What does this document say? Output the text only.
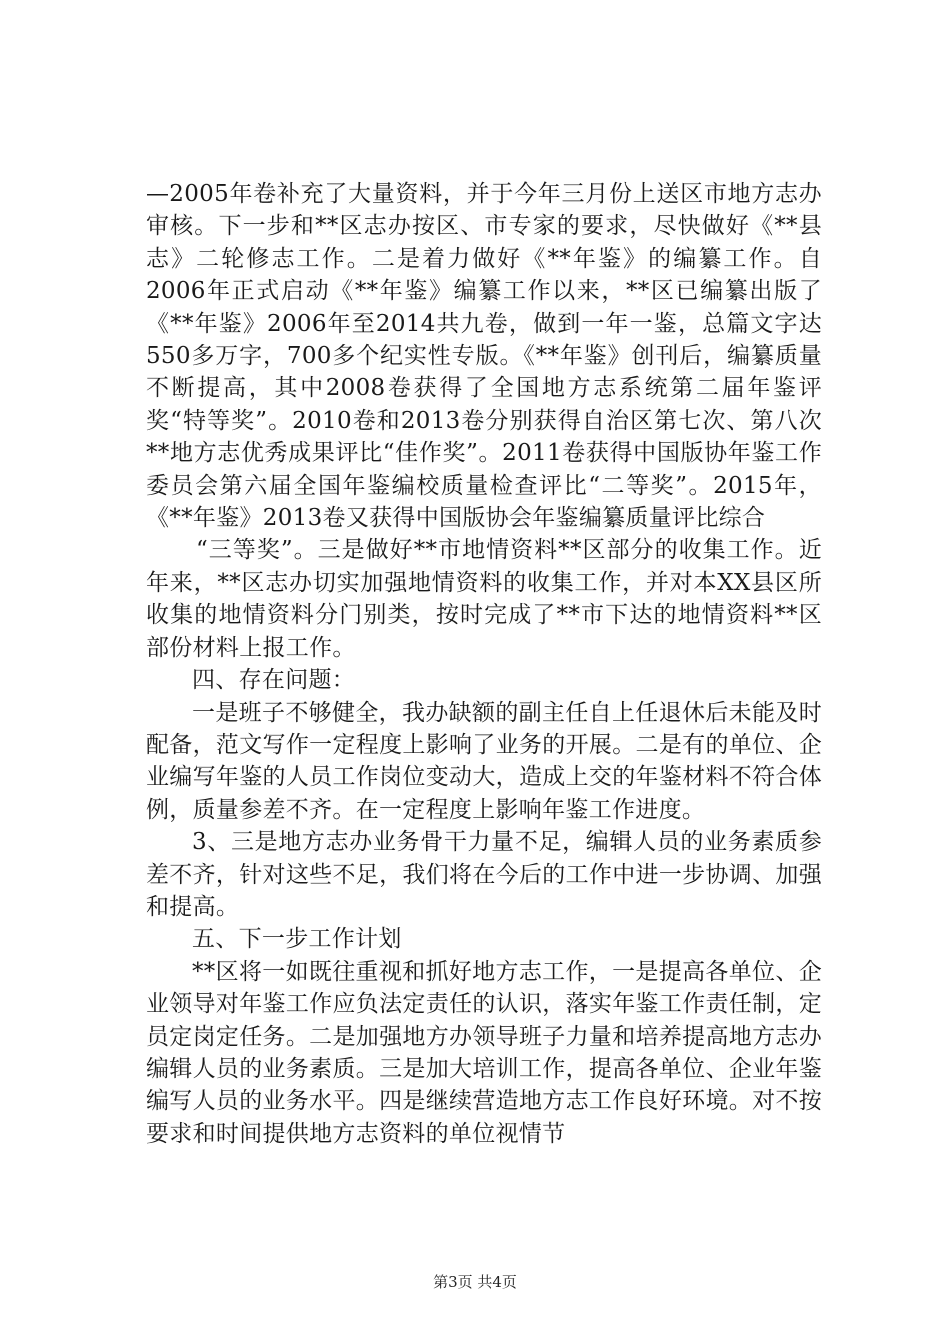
—2005年卷补充了大量资料，并于今年三月份上送区市地方志办审核。下一步和**区志办按区、市专家的要求，尽快做好《**县志》二轮修志工作。二是着力做好《**年鉴》的编纂工作。自2006年正式启动《**年鉴》编纂工作以来，**区已编纂出版了《**年鉴》2006年至2014共九卷，做到一年一鉴，总篇文字达550多万字，700多个纪实性专版。《**年鉴》创刊后，编纂质量不断提高，其中2008卷获得了全国地方志系统第二届年鉴评奖“特等奖”。2010卷和2013卷分别获得自治区第七次、第八次**地方志优秀成果评比“佳作奖”。2011卷获得中国版协年鉴工作委员会第六届全国年鉴编校质量检查评比“二等奖”。2015年，《**年鉴》2013卷又获得中国版协会年鉴编纂质量评比综合

“三等奖”。三是做好**市地情资料**区部分的收集工作。近年来，**区志办切实加强地情资料的收集工作，并对本XX县区所收集的地情资料分门别类，按时完成了**市下达的地情资料**区部份材料上报工作。

四、存在问题：

一是班子不够健全，我办缺额的副主任自上任退休后未能及时配备，范文写作一定程度上影响了业务的开展。二是有的单位、企业编写年鉴的人员工作岗位变动大，造成上交的年鉴材料不符合体例，质量参差不齐。在一定程度上影响年鉴工作进度。

3、三是地方志办业务骨干力量不足，编辑人员的业务素质参差不齐，针对这些不足，我们将在今后的工作中进一步协调、加强和提高。

五、下一步工作计划

**区将一如既往重视和抓好地方志工作，一是提高各单位、企业领导对年鉴工作应负法定责任的认识，落实年鉴工作责任制，定员定岗定任务。二是加强地方办领导班子力量和培养提高地方志办编辑人员的业务素质。三是加大培训工作，提高各单位、企业年鉴编写人员的业务水平。四是继续营造地方志工作良好环境。对不按要求和时间提供地方志资料的单位视情节

第3页 共4页
